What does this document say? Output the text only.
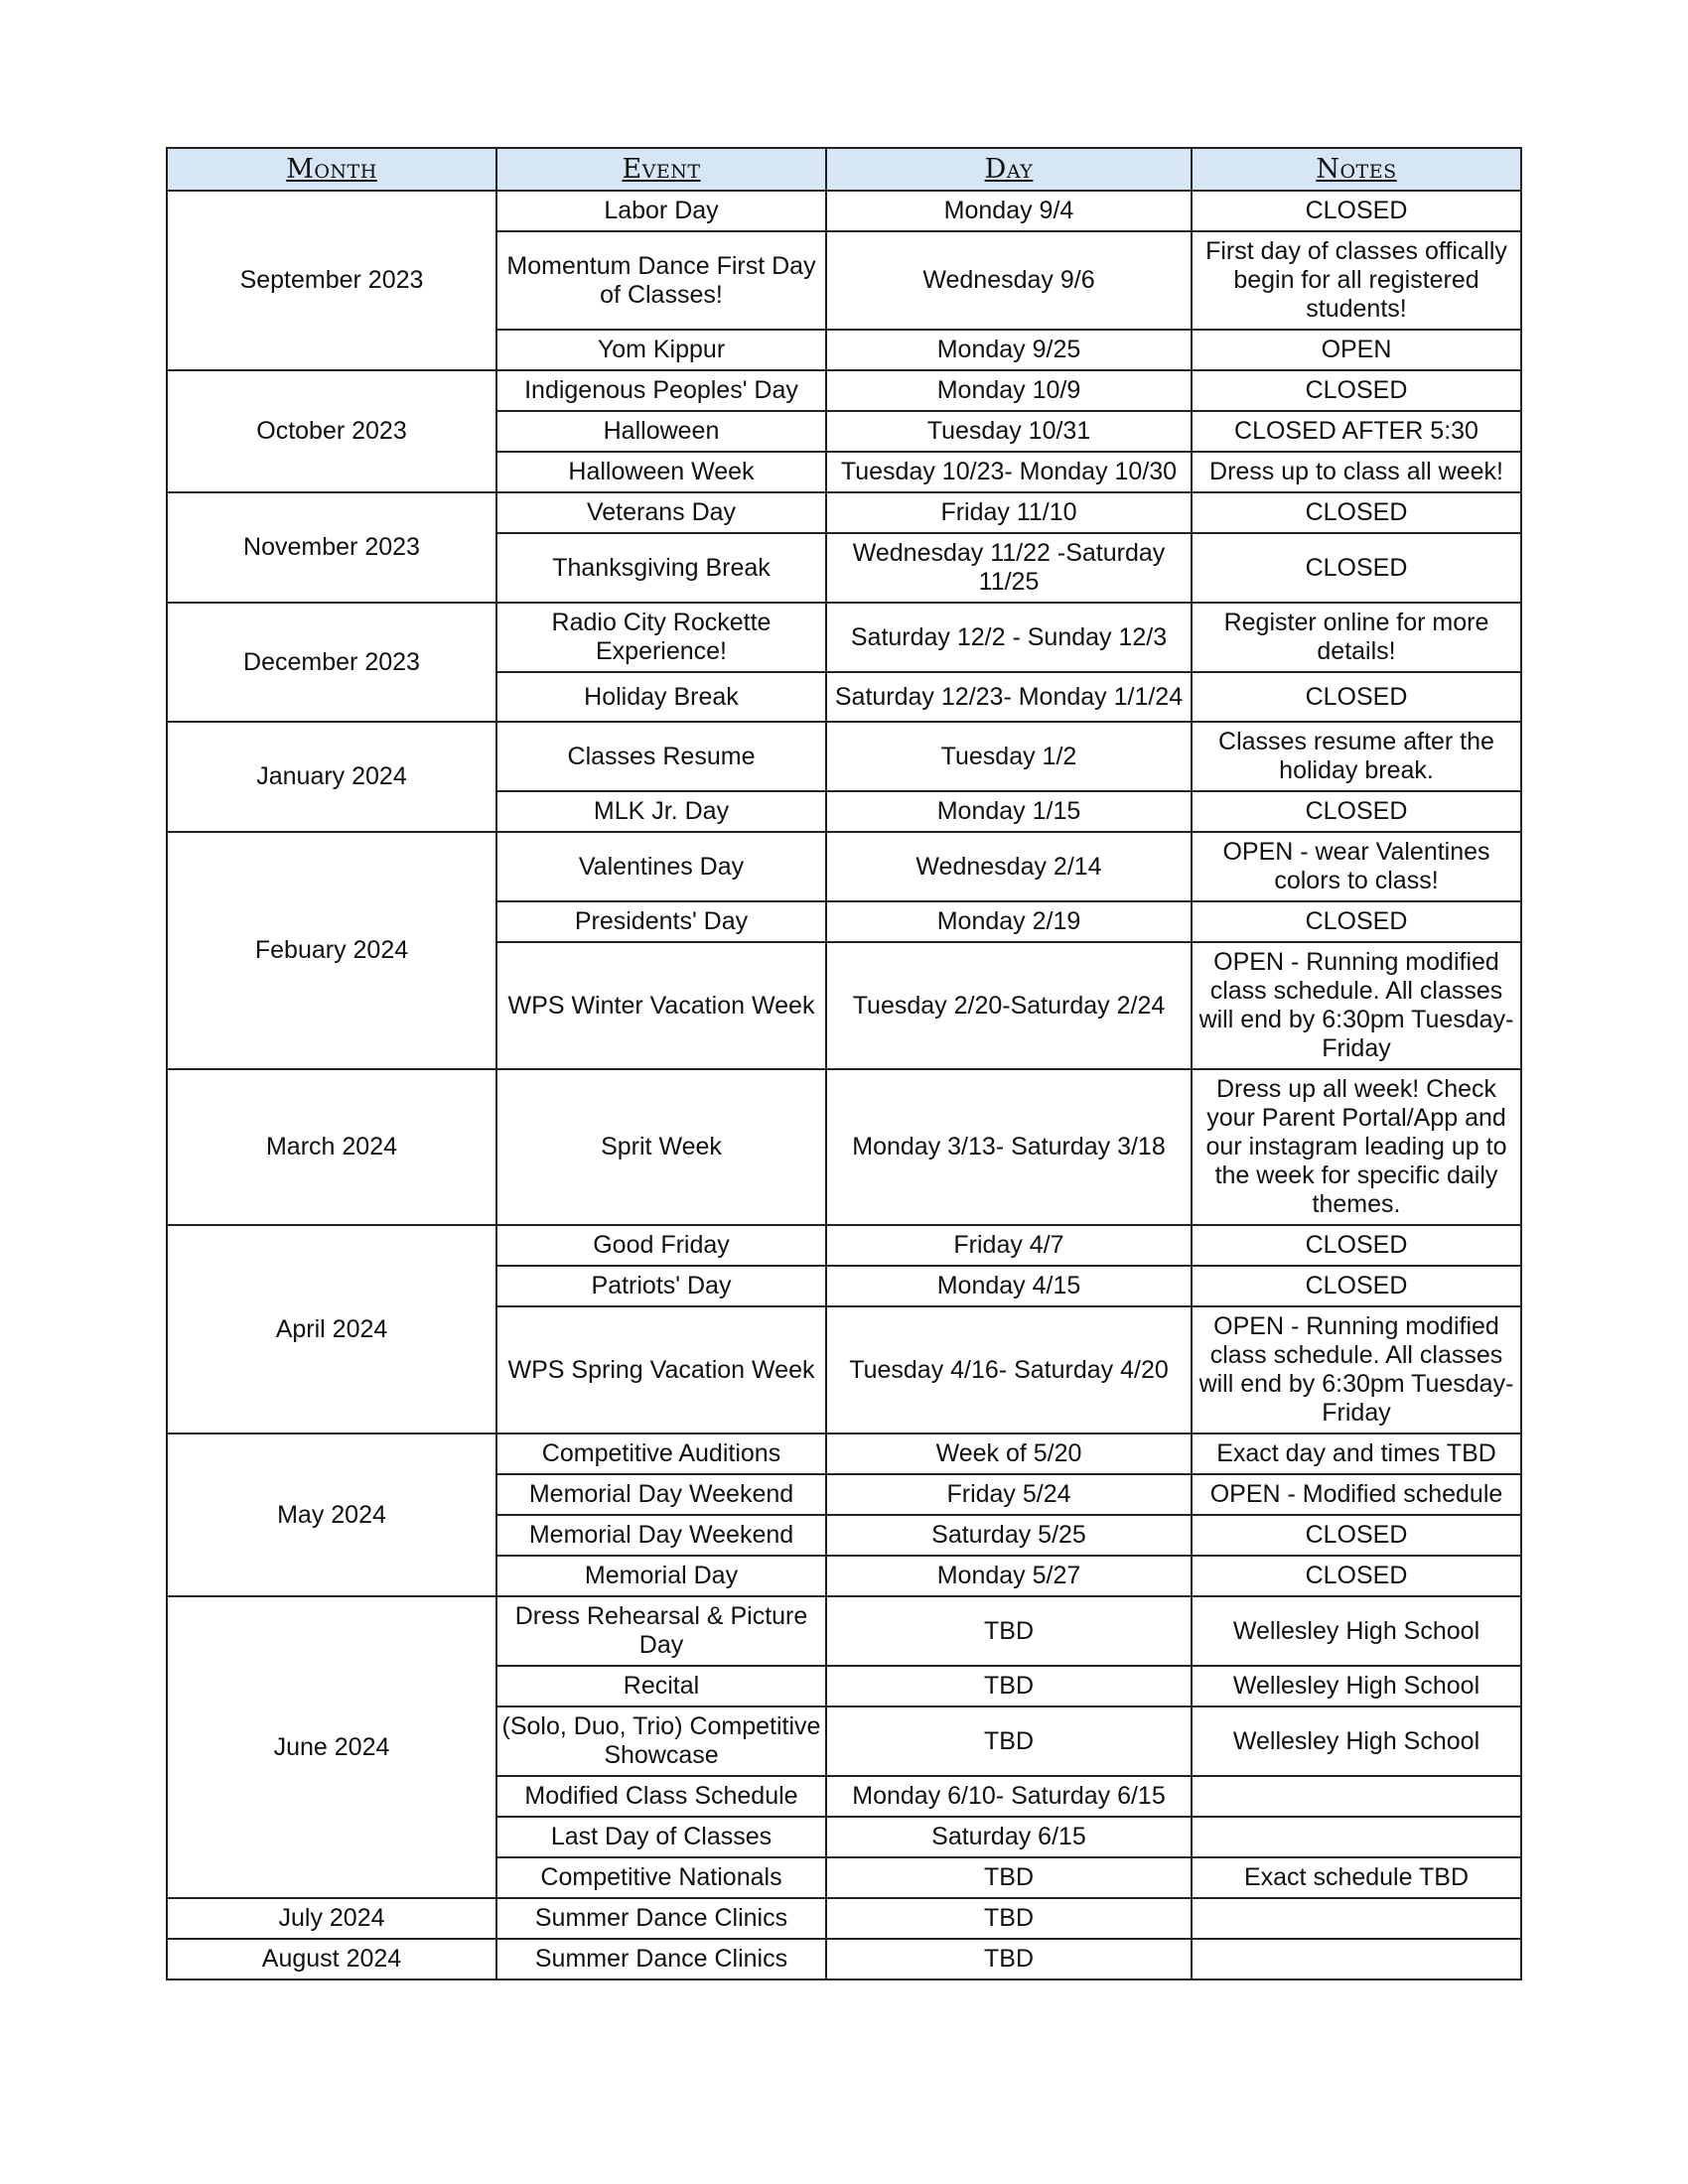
Month	Event	Day	Notes
September 2023	Labor Day	Monday 9/4	CLOSED
	Momentum Dance First Day of Classes!	Wednesday 9/6	First day of classes offically begin for all registered students!
	Yom Kippur	Monday 9/25	OPEN
October 2023	Indigenous Peoples' Day	Monday 10/9	CLOSED
	Halloween	Tuesday 10/31	CLOSED AFTER 5:30
	Halloween Week	Tuesday 10/23- Monday 10/30	Dress up to class all week!
November 2023	Veterans Day	Friday 11/10	CLOSED
	Thanksgiving Break	Wednesday 11/22 -Saturday 11/25	CLOSED
December 2023	Radio City Rockette Experience!	Saturday 12/2 - Sunday 12/3	Register online for more details!
	Holiday Break	Saturday 12/23- Monday 1/1/24	CLOSED
January 2024	Classes Resume	Tuesday 1/2	Classes resume after the holiday break.
	MLK Jr. Day	Monday 1/15	CLOSED
Febuary 2024	Valentines Day	Wednesday 2/14	OPEN - wear Valentines colors to class!
	Presidents' Day	Monday 2/19	CLOSED
	WPS Winter Vacation Week	Tuesday 2/20-Saturday 2/24	OPEN - Running modified class schedule. All classes will end by 6:30pm Tuesday-Friday
March 2024	Sprit Week	Monday 3/13- Saturday 3/18	Dress up all week! Check your Parent Portal/App and our instagram leading up to the week for specific daily themes.
April 2024	Good Friday	Friday 4/7	CLOSED
	Patriots' Day	Monday 4/15	CLOSED
	WPS Spring Vacation Week	Tuesday 4/16- Saturday 4/20	OPEN - Running modified class schedule. All classes will end by 6:30pm Tuesday-Friday
May 2024	Competitive Auditions	Week of 5/20	Exact day and times TBD
	Memorial Day Weekend	Friday 5/24	OPEN - Modified schedule
	Memorial Day Weekend	Saturday 5/25	CLOSED
	Memorial Day	Monday 5/27	CLOSED
June 2024	Dress Rehearsal & Picture Day	TBD	Wellesley High School
	Recital	TBD	Wellesley High School
	(Solo, Duo, Trio) Competitive Showcase	TBD	Wellesley High School
	Modified Class Schedule	Monday 6/10- Saturday 6/15	
	Last Day of Classes	Saturday 6/15	
	Competitive Nationals	TBD	Exact schedule TBD
July 2024	Summer Dance Clinics	TBD	
August 2024	Summer Dance Clinics	TBD	
